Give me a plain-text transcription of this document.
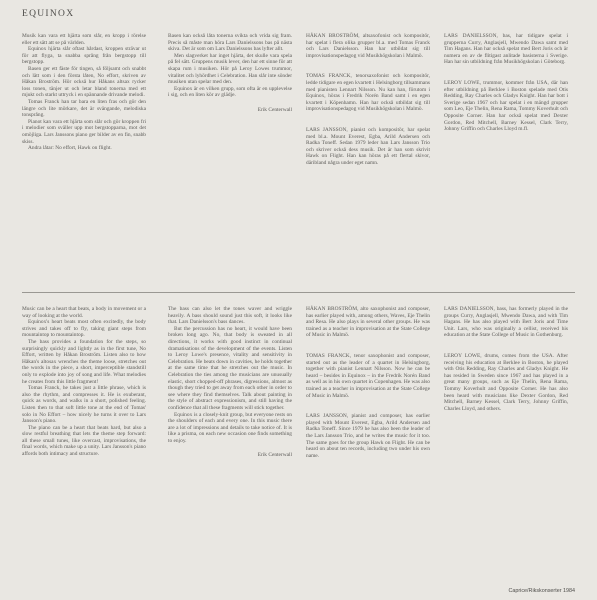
EQUINOX

Musik kan vara ett hjärta som slår, en kropp i rörelse eller ett sätt att se på världen.

Equinox hjärta slår oftast hårdast, kroppen strävar ut för att flyga, ta snabba språng från bergstopp till bergstopp.

Basen ger ett fäste för tingen, så följsamt och snabbt och lätt som i den första låten, No effort, skriven av Håkan Broström. Hör också hur Håkans altsax rycker loss tonen, tänjer ut och letar bland tonerna med ett mjukt och starkt uttryck i en spännande drivande melodi.

Tomas Franck han tar bara en liten fras och gör den längre och lite mörkare, det är svängande, melodiska tonsprång.

Pianot kan vara ett hjärta som slår och gör kroppen fri i melodier som sväller upp mot bergstopparna, mot det omöjliga. Lars Janssons piano ger bilder av en fin, snabb skiss.

Andra låtar: No effort, Hawk on flight.

Basen kan också låta tonerna svikta och vrida sig fram. Precis så måste man höra Lars Danielssons bas på nästa skiva. Det är som om Lars Danielssons bas lyfter allt.

Men slagverket har inget hjärta, det skulle vara spela på fel sätt. Gruppens musik lever, den har ett sinne för att skapa rum i musiken. Hör på Leroy Lowes trummor, vitalitet och lyhördhet i Celebration. Han slår inte sönder musiken utan spelar med den.

Equinox är en vilken grupp, som ofta är en upplevelse i sig, och en liten kör av glädje.

Erik Centerwall

HÅKAN BROSTRÖM, altsaxofonist och kompositör, har spelat i flera olika grupper bl.a. med Tomas Franck och Lars Danielsson. Han har utbildat sig till improvisationspedagog vid Musikhögskolan i Malmö.

TOMAS FRANCK, tenorsaxofonist och kompositör, ledde tidigare en egen kvartett i Helsingborg tillsammans med pianisten Lennart Nilsson. Nu kan han, förutom i Equinox, höras i Fredrik Norén Band samt i en egen kvartett i Köpenhamn. Han har också utbildat sig till improvisationspedagog vid Musikhögskolan i Malmö.

LARS JANSSON, pianist och kompositör, har spelat med bl.a. Mount Everest, Egba, Arild Andersen och Radka Toneff. Sedan 1979 leder han Lars Jansson Trio och skriver också dess musik. Det är han som skrivit Hawk on Flight. Han kan höras på ett flertal skivor, däribland några under eget namn.

LARS DANIELSSON, bas, har tidigare spelat i grupperna Curry, Anglasjell, Mwendo Dawa samt med Tim Hagans. Han har också spelat med Bert Joris och är numera en av de flitigast anlitade basisterna i Sverige. Han har sin utbildning från Musikhögskolan i Göteborg.

LEROY LOWE, trummor, kommer från USA, där han efter utbildning på Berklee i Boston spelade med Otis Redding, Ray Charles och Gladys Knight. Han har bott i Sverige sedan 1967 och har spelat i en mängd grupper som Leo, Eje Thelin, Rena Rama, Tommy Koverhult och Opposite Corner. Han har också spelat med Dexter Gordon, Red Mitchell, Barney Kessel, Clark Terry, Johnny Griffin och Charles Lloyd m.fl.

Music can be a heart that beats, a body in movement or a way of looking at the world.

Equinox's heart beats most often excitedly, the body strives and takes off to fly, taking giant steps from mountaintop to mountaintop.

The bass provides a foundation for the steps, so surprisingly quickly and lightly as in the first tune, No Effort, written by Håkan Broström. Listen also to how Håkan's altosax wrenches the theme loose, stretches out the words in the piece, a short, imperceptible standstill only to explode into joy of song and life. What melodies he creates from this little fragment!

Tomas Franck, he takes just a little phrase, which is also the rhythm, and compresses it. He is exuberant, quick as words, and walks in a short, polished feeling. Listen then to that soft little tone at the end of Tomas' solo in No Effort – how nicely he turns it over to Lars Jansson's piano.

The piano can be a heart that beats hard, but also a slow restful breathing that lets the theme step forward: all these small tunes, like overcast, improvisations, the final words, which make up a unity. Lars Jansson's piano affords both intimacy and structure.

The bass can also let the tones waver and wriggle heavily. A bass should sound just this soft, it looks like that. Lars Danielsson's bass dances.

But the percussion has no heart, it would have been broken long ago. No, that body is sweated in all directions, it works with good instinct in continual dramatisations of the development of the events. Listen to Leroy Lowe's presence, vitality and sensitivity in Celebration. He beats down in cavities, he holds together at the same time that he stretches out the music. In Celebration the ties among the musicians are unusually elastic, short chopped-off phrases, digressions, almost as though they tried to get away from each other in order to see where they find themselves. Talk about painting in the style of abstract expressionism, and still having the confidence that all these fragments will stick together.

Equinox is a closely-knit group, but everyone rests on the shoulders of each and every one. In this music there are a lot of impressions and details to take notice of. It is like a prisma, on each new occasion one finds something to enjoy.

Erik Centerwall

HÅKAN BROSTRÖM, alto saxophonist and composer, has earlier played with, among others, Waves, Eje Thelin and Resa. He also plays in several other groups. He was trained as a teacher in improvisation at the State College of Music in Malmö.

TOMAS FRANCK, tenor saxophonist and composer, started out as the leader of a quartet in Helsingborg, together with pianist Lennart Nilsson. Now he can be heard – besides in Equinox – in the Fredrik Norén Band as well as in his own quartet in Copenhagen. He was also trained as a teacher in improvisation at the State College of Music in Malmö.

LARS JANSSON, pianist and composer, has earlier played with Mount Everest, Egba, Arild Andersen and Radka Toneff. Since 1979 he has also been the leader of the Lars Jansson Trio, and he writes the music for it too. The same goes for the group Hawk on Flight. He can be heard on about ten records, including two under his own name.

LARS DANIELSSON, bass, has formerly played in the groups Curry, Anglasjell, Mwendo Dawa, and with Tim Hagans. He has also played with Bert Joris and Time Unit. Lars, who was originally a cellist, received his education at the State College of Music in Gothenburg.

LEROY LOWE, drums, comes from the USA. After receiving his education at Berklee in Boston, he played with Otis Redding, Ray Charles and Gladys Knight. He has resided in Sweden since 1967 and has played in a great many groups, such as Eje Thelin, Rena Rama, Tommy Koverhult and Opposite Corner. He has also been heard with musicians like Dexter Gordon, Red Mitchell, Barney Kessel, Clark Terry, Johnny Griffin, Charles Lloyd, and others.

Caprice/Rikskonserter 1984
